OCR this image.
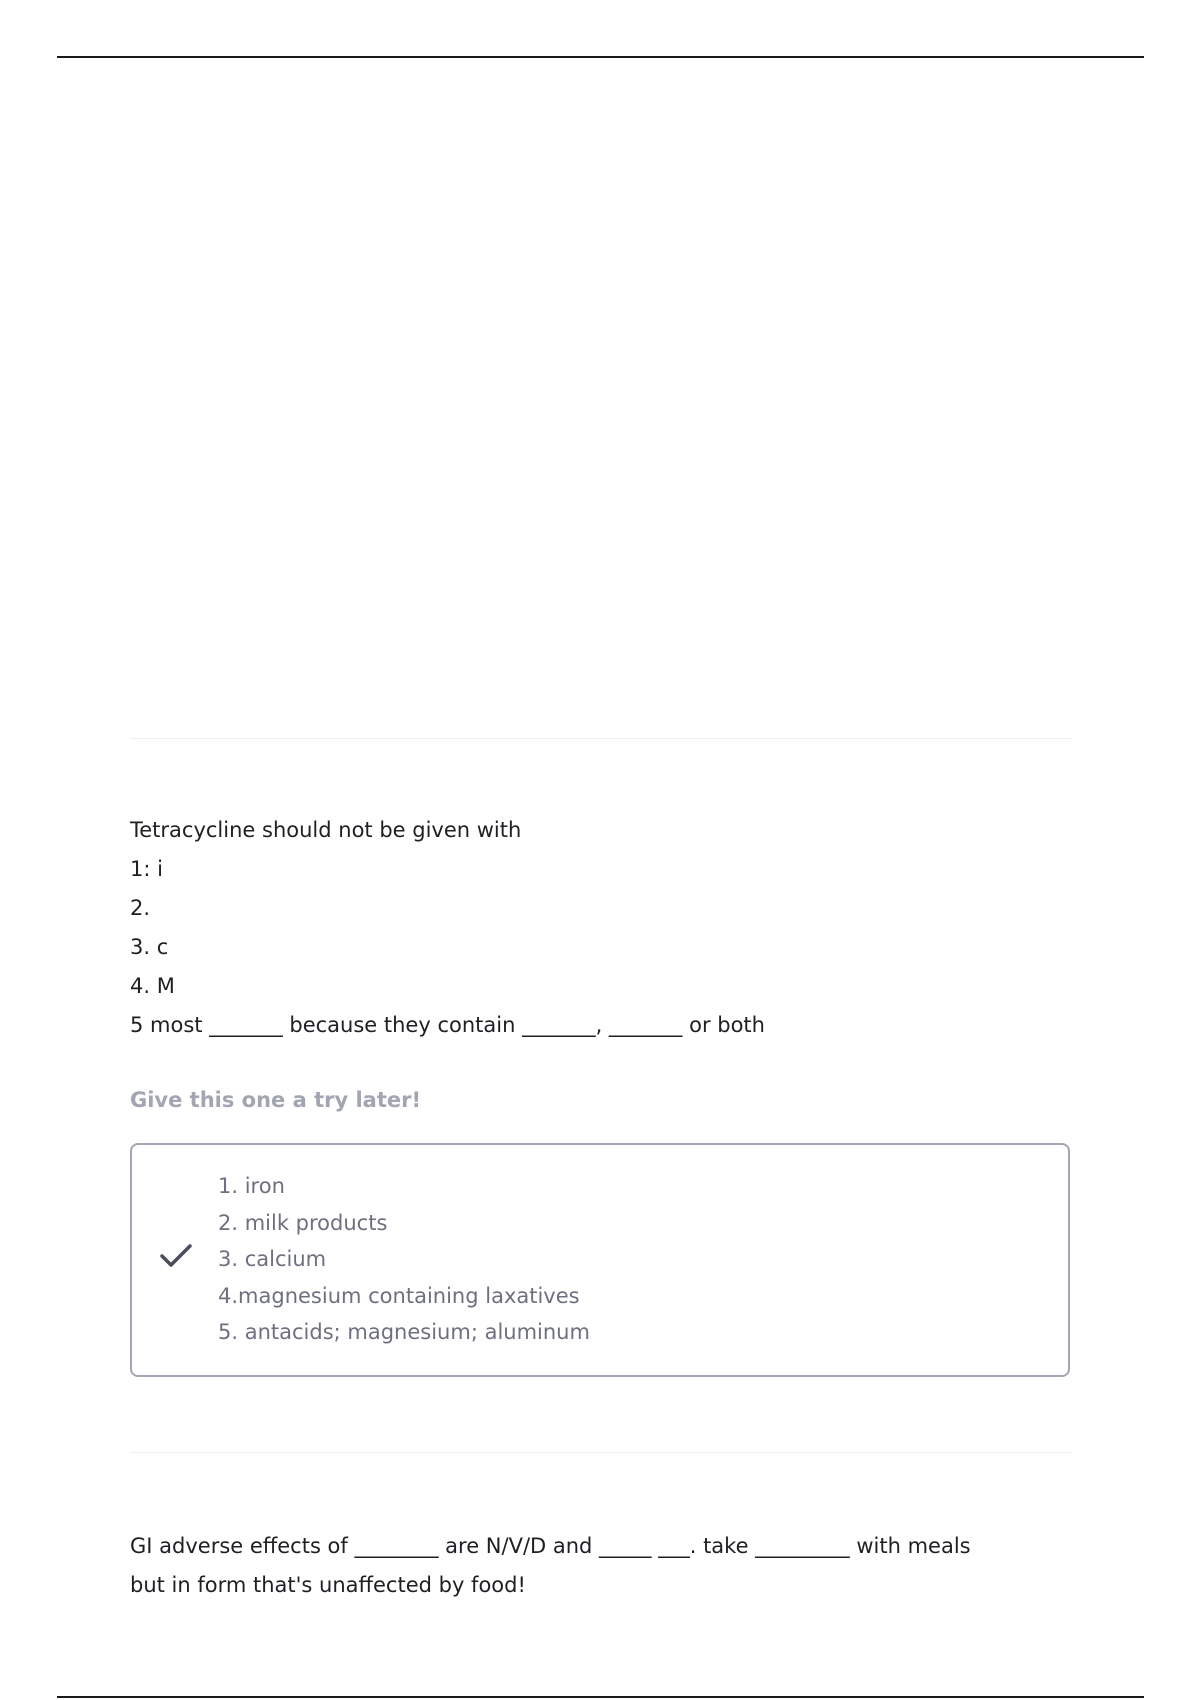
Tetracycline should not be given with
1: i
2.
3. c
4. M
5 most _______ because they contain _______, _______ or both
Give this one a try later!
1. iron
2. milk products
3. calcium
4.magnesium containing laxatives
5. antacids; magnesium; aluminum
GI adverse effects of ________ are N/V/D and _____ ___. take _________ with meals
but in form that's unaffected by food!
